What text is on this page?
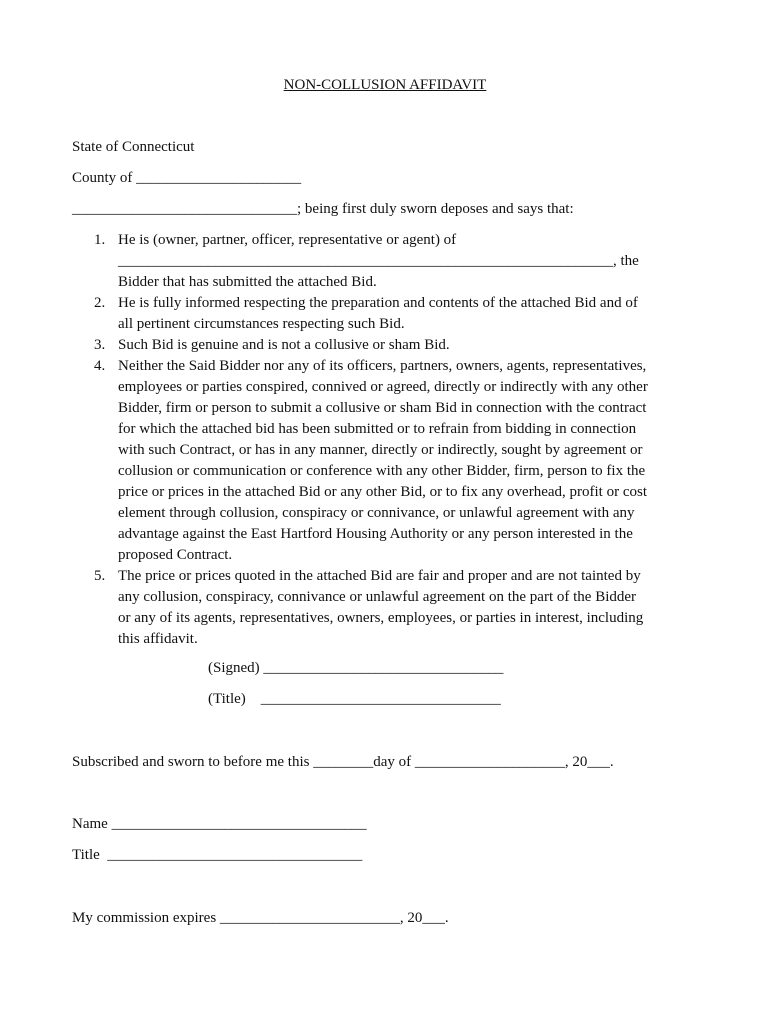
NON-COLLUSION AFFIDAVIT

State of Connecticut

County of ______________________

______________________________; being first duly sworn deposes and says that:

1. He is (owner, partner, officer, representative or agent) of
__________________________________________________________________, the
Bidder that has submitted the attached Bid.
2. He is fully informed respecting the preparation and contents of the attached Bid and of
all pertinent circumstances respecting such Bid.
3. Such Bid is genuine and is not a collusive or sham Bid.
4. Neither the Said Bidder nor any of its officers, partners, owners, agents, representatives,
employees or parties conspired, connived or agreed, directly or indirectly with any other
Bidder, firm or person to submit a collusive or sham Bid in connection with the contract
for which the attached bid has been submitted or to refrain from bidding in connection
with such Contract, or has in any manner, directly or indirectly, sought by agreement or
collusion or communication or conference with any other Bidder, firm, person to fix the
price or prices in the attached Bid or any other Bid, or to fix any overhead, profit or cost
element through collusion, conspiracy or connivance, or unlawful agreement with any
advantage against the East Hartford Housing Authority or any person interested in the
proposed Contract.
5. The price or prices quoted in the attached Bid are fair and proper and are not tainted by
any collusion, conspiracy, connivance or unlawful agreement on the part of the Bidder
or any of its agents, representatives, owners, employees, or parties in interest, including
this affidavit.
(Signed) ________________________________
(Title)    ________________________________

Subscribed and sworn to before me this ________day of ____________________, 20___.

Name __________________________________

Title  __________________________________

My commission expires ________________________, 20___.
